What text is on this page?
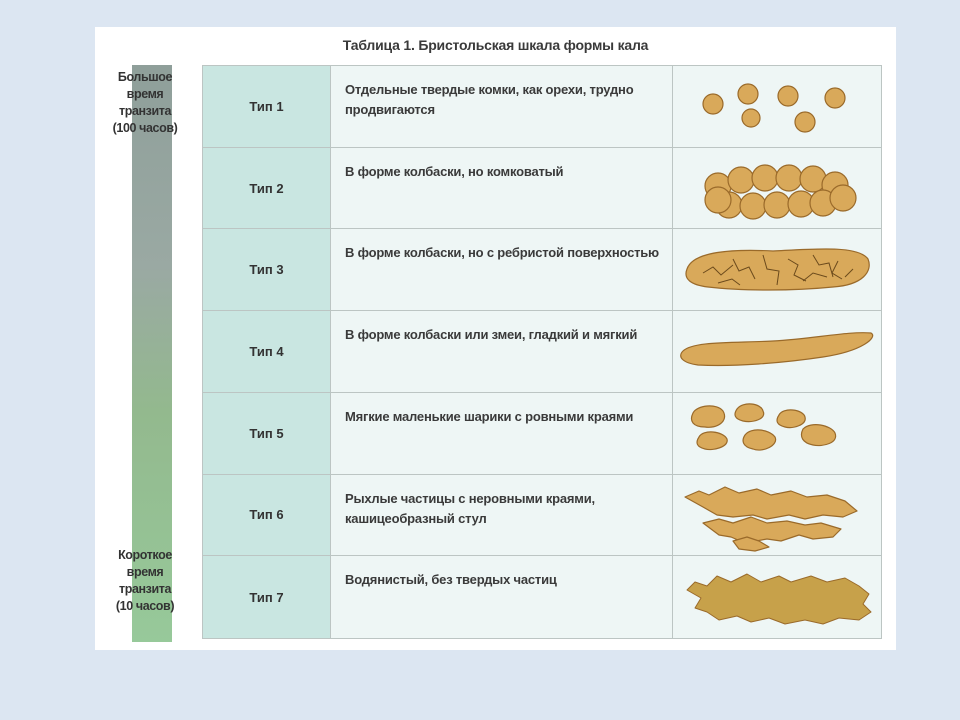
Таблица 1. Бристольская шкала формы кала
Большое
время
транзита
(100 часов)
Короткое
время
транзита
(10 часов)
Тип 1
Отдельные твердые комки, как орехи, трудно продвигаются
Тип 2
В форме колбаски, но комковатый
Тип 3
В форме колбаски, но с ребристой поверхностью
Тип 4
В форме колбаски или змеи, гладкий и мягкий
Тип 5
Мягкие маленькие шарики с ровными краями
Тип 6
Рыхлые частицы с неровными краями, кашицеобразный стул
Тип 7
Водянистый, без твердых частиц
